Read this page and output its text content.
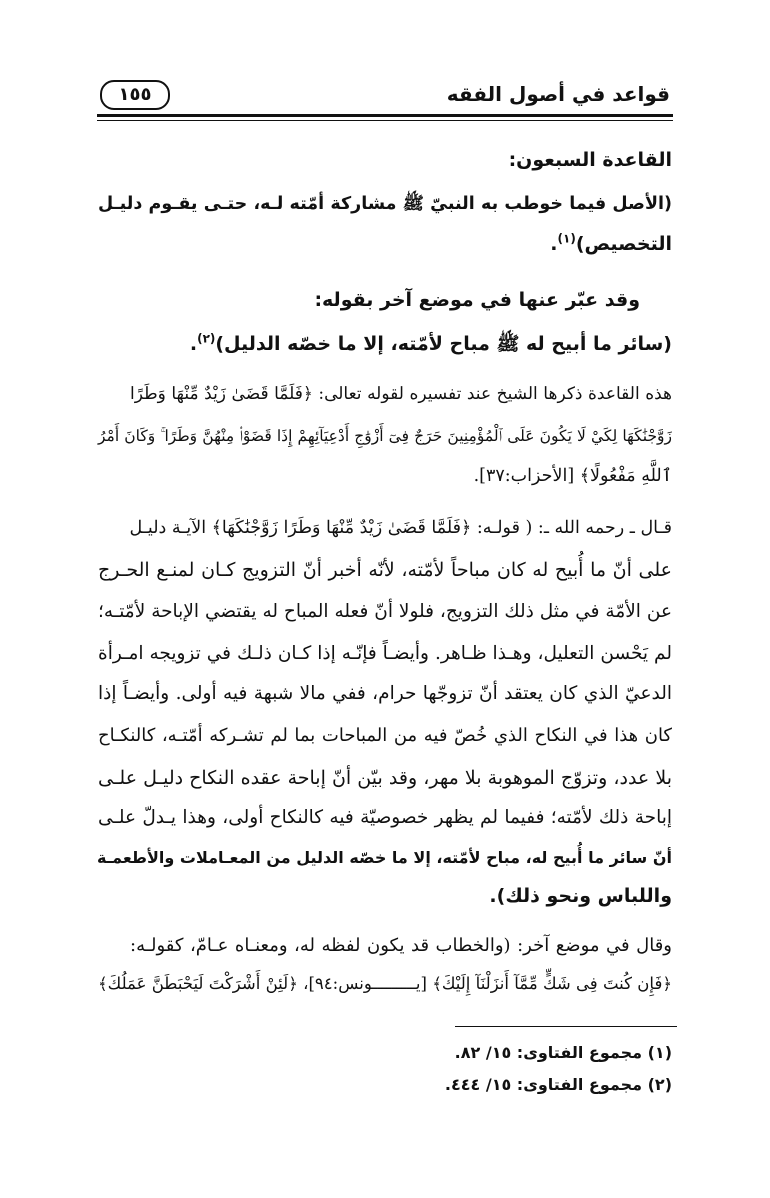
قواعد في أصول الفقه
١٥٥
القاعدة السبعون:
(الأصل فيما خوطب به النبيّ ﷺ مشاركة أمّته لـه، حتـى يقـوم دليـل
التخصيص)$^{(١)}$.
وقد عبّر عنها في موضع آخر بقوله:
(سائر ما أبيح له ﷺ مباح لأمّته، إلا ما خصّه الدليل)$^{(٢)}$.
هذه القاعدة ذكرها الشيخ عند تفسيره لقوله تعالى: ﴿فَلَمَّا قَضَىٰ زَيْدٌ مِّنْهَا وَطَرًا
زَوَّجْنَٰكَهَا لِكَيْ لَا يَكُونَ عَلَى ٱلْمُؤْمِنِينَ حَرَجٌ فِىٓ أَزْوَٰجِ أَدْعِيَآئِهِمْ إِذَا قَضَوْا۟ مِنْهُنَّ وَطَرًا ۚ وَكَانَ أَمْرُ
ٱللَّهِ مَفْعُولًا﴾ [الأحزاب:٣٧].
قـال ـ رحمه الله ـ: ( قولـه: ﴿فَلَمَّا قَضَىٰ زَيْدٌ مِّنْهَا وَطَرًا زَوَّجْنَٰكَهَا﴾ الآيـة دليـل
على أنّ ما أُبيح له كان مباحاً لأمّته، لأنّه أخبر أنّ التزويج كـان لمنـع الحـرج
عن الأمّة في مثل ذلك التزويج، فلولا أنّ فعله المباح له يقتضي الإباحة لأمّتـه؛
لم يَحْسن التعليل، وهـذا ظـاهر. وأيضـاً فإنّـه إذا كـان ذلـك في تزويجه امـرأة
الدعيّ الذي كان يعتقد أنّ تزوجّها حرام، ففي مالا شبهة فيه أولى. وأيضـاً إذا
كان هذا في النكاح الذي خُصّ فيه من المباحات بما لم تشـركه أمّتـه، كالنكـاح
بلا عدد، وتزوّج الموهوبة بلا مهر، وقد بيّن أنّ إباحة عقده النكاح دليـل علـى
إباحة ذلك لأمّته؛ ففيما لم يظهر خصوصيّة فيه كالنكاح أولى، وهذا يـدلّ علـى
أنّ سائر ما أُبيح له، مباح لأمّته، إلا ما خصّه الدليل من المعـاملات والأطعمـة
واللباس ونحو ذلك).
وقال في موضع آخر: (والخطاب قد يكون لفظه له، ومعنـاه عـامّ، كقولـه:
﴿فَإِن كُنتَ فِى شَكٍّ مِّمَّآ أَنزَلْنَآ إِلَيْكَ﴾ [يـــــــــونس:٩٤]، ﴿لَئِنْ أَشْرَكْتَ لَيَحْبَطَنَّ عَمَلُكَ﴾
(١) مجموع الفتاوى: ١٥/ ٨٢.
(٢) مجموع الفتاوى: ١٥/ ٤٤٤.
